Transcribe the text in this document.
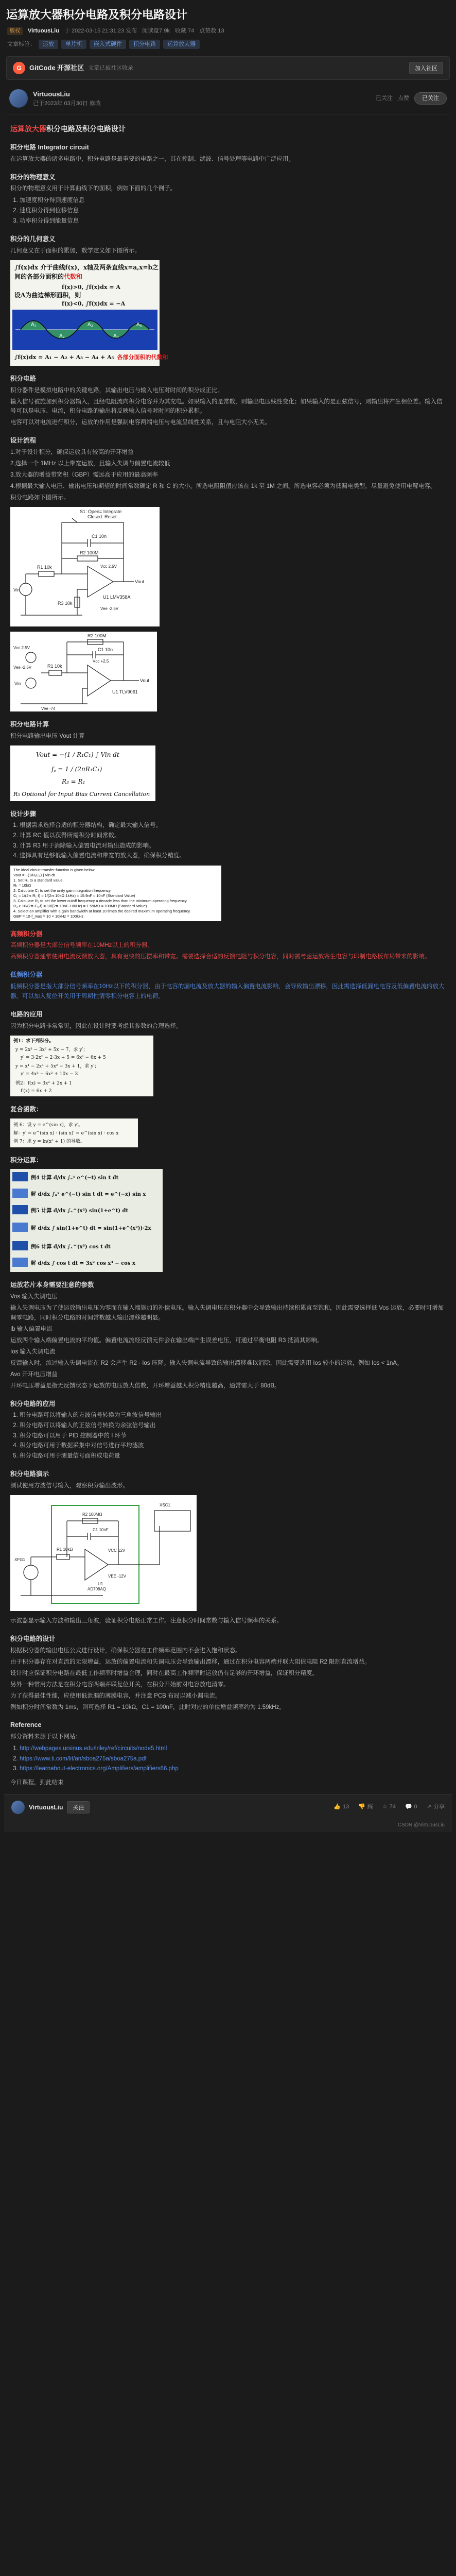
运算放大器积分电路及积分电路设计
版权	VirtuousLiu 于 2022-03-15 21:31:23 发布 阅读量7.9k 收藏 74 点赞数 13
文章标签：	运放	单片机	嵌入式硬件	积分电路	运算放大器
G	GitCode 开源社区 文章已被社区收录	加入社区
VirtuousLiu
已于2023年 03月30日 修改
已关注 点赞	已关注
运算放大器积分电路及积分电路设计
积分电路 Integrator circuit

在运算放大器的诸多电路中，积分电路是最重要的电路之一，其在控制、滤波、信号处理等电路中广泛应用。

积分的物理意义

积分的物理意义用于计算曲线下的面积，例如下面的几个例子。

1. 加速度积分得到速度信息
2. 速度积分得到位移信息
3. 功率积分得到能量信息
积分的几何意义

几何意义在于面积的累加，数学定义如下图所示。

∫f(x)dx 介于曲线f(x)，x轴及两条直线x=a,x=b之
间的各部分面积的代数和
f(x)>0, ∫f(x)dx = A
设A为曲边梯形面积，则
f(x)<0, ∫f(x)dx = −A
A₁
A₂
A₃
A₄
A₅
∫f(x)dx = A₁ − A₂ + A₃ − A₄ + A₅ 各部分面积的代数和
积分电路

积分器件是模拟电路中的关键电路，其输出电压与输入电压对时间的积分成正比。

输入信号被施加到积分器输入，且经电阻流向积分电容并为其充电。如果输入的是常数，则输出电压线性变化；如果输入的是正弦信号，则输出将产生相位差。输入信号可以是电压、电流，积分电路的输出将反映输入信号对时间的积分累积。

电容可以对电流进行积分，运放的作用是强制电容两端电压与电流呈线性关系，且与电阻大小无关。

设计流程

1.对于设计积分，确保运放具有较高的开环增益

2.选择一个 1MHz 以上带宽运放，且输入失调与偏置电流较低

3.放大器的增益带宽积（GBP）需远高于应用的最高频率

4.根据最大输入电压、输出电压和期望的时间常数确定 R 和 C 的大小。所选电阻阻值应该在 1k 至 1M 之间。所选电容必须为低漏电类型，尽量避免使用电解电容。

积分电路如下图所示。

S1: Open= Integrate
Closed: Reset
C1 10n
R2 100M
R1 10k
R3 10k
Vin
Vout
U1 LMV358A
Vcc 2.5V
Vee -2.5V
R2 100M
C1 10n
R1 10k
U1 TLV9061
Vee -2.5V
Vin
Vcc 2.5V
Vout
Vee -74
Vcc +2.5
积分电路计算

积分电路输出电压 Vout 计算

Vout = −(1 / R₁C₁) ∫ Vin dt
f꜀ = 1 / (2πR₁C₁)
R₃ = R₁
R₃ Optional for Input Bias Current Cancellation
设计步骤
1. 根据需求选择合适的积分器结构，确定最大输入信号。
2. 计算 RC 值以获得所需积分时间常数。
3. 计算 R3 用于消除输入偏置电流对输出造成的影响。
4. 选择具有足够低输入偏置电流和带宽的放大器，确保积分精度。
The ideal circuit transfer function is given below.
Vout = −(1/R₁C₁) ∫ Vin dt
1. Set R₁ to a standard value.
R₁ = 10kΩ
2. Calculate C₁ to set the unity gain integration frequency.
C₁ = 1/(2π·R₁·f) = 1/(2π·10kΩ·1kHz) = 15.9nF ≈ 10nF (Standard Value)
3. Calculate R₂ to set the lower cutoff frequency a decade less than the minimum operating frequency.
R₂ ≥ 10/(2π·C₁·f) = 10/(2π·10nF·100Hz) = 1.59MΩ ≈ 100MΩ (Standard Value)
4. Select an amplifier with a gain bandwidth at least 10 times the desired maximum operating frequency.
GBP = 10·f_max = 10 × 10kHz = 100kHz
高频积分器

高频积分器是大部分信号频率在10MHz以上的积分器。

高频积分器通常使用电流反馈放大器，具有更快的压摆率和带宽。需要选择合适的反馈电阻与积分电容，同时需考虑运放寄生电容与印制电路板布局带来的影响。

低频积分器

低频积分器是指大部分信号频率在10Hz以下的积分器，由于电容的漏电流及放大器的输入偏置电流影响，会导致输出漂移，因此需选择低漏电电容及低偏置电流的放大器。可以加入复位开关用于周期性清零积分电容上的电荷。

电路的应用

因为积分电路非常常见，因此在设计时要考虑其参数的合理选择。

例1：求下列积分。
y = 2x³ − 3x² + 5x − 7，求 y′；
y′ = 3·2x² − 2·3x + 5 = 6x² − 6x + 5
y = x⁴ − 2x³ + 5x² − 3x + 1，求 y′；
y′ = 4x³ − 6x² + 10x − 3
例2：f(x) = 3x² + 2x + 1
f′(x) = 6x + 2
复合函数：
例 6：设 y = e^(sin x)，求 y′。
解：y′ = e^(sin x) · (sin x)′ = e^(sin x) · cos x
例 7：求 y = ln(x² + 1) 的导数。
积分运算：
例4 计算 d/dx ∫ₐˣ e^(−t) sin t dt
解 d/dx ∫ₐˣ e^(−t) sin t dt = e^(−x) sin x
例5 计算 d/dx ∫ₐ^(x²) sin(1+e^t) dt
解 d/dx ∫ sin(1+e^t) dt = sin(1+e^(x²))·2x
例6 计算 d/dx ∫ₓ^(x³) cos t dt
解 d/dx ∫ cos t dt = 3x² cos x³ − cos x
运放芯片本身需要注意的参数

Vos 输入失调电压

输入失调电压为了使运放输出电压为零而在输入端施加的补偿电压。输入失调电压在积分器中会导致输出持续积累直至饱和，因此需要选择低 Vos 运放，必要时可增加调零电路，同时积分电路的时间常数越大输出漂移越明显。

Ib 输入偏置电流

运放两个输入端偏置电流的平均值。偏置电流流经反馈元件会在输出端产生误差电压，可通过平衡电阻 R3 抵消其影响。

Ios 输入失调电流

反馈输入时，流过输入失调电流在 R2 会产生 R2 · Ios 压降。输入失调电流导致的输出漂移难以消除，因此需要选用 Ios 较小的运放，例如 Ios < 1nA。

Avo 开环电压增益

开环电压增益是指无反馈状态下运放的电压放大倍数，开环增益越大积分精度越高，通常需大于 80dB。

积分电路的应用
1. 积分电路可以将输入的方波信号转换为三角波信号输出
2. 积分电路可以将输入的正弦信号转换为余弦信号输出
3. 积分电路可以用于 PID 控制器中的 I 环节
4. 积分电路可用于数据采集中对信号进行平均滤波
5. 积分电路可用于测量信号面积或电荷量
积分电路演示

测试使用方波信号输入，观察积分输出波形。

XSC1
R1 10kΩ
C1 10nF
R2 100MΩ
U1
AD708AQ
XFG1
VCC 12V
VEE -12V

示波器显示输入方波和输出三角波，验证积分电路正常工作。注意积分时间常数与输入信号频率的关系。

积分电路的设计

根据积分器的输出电压公式进行设计，确保积分器在工作频率范围内不会进入饱和状态。

由于积分器存在对直流的无限增益，运放的偏置电流和失调电压会导致输出漂移，通过在积分电容两端并联大阻值电阻 R2 限制直流增益。

设计时应保证积分电路在最低工作频率时增益合理，同时在最高工作频率时运放仍有足够的开环增益，保证积分精度。

另外一种常用方法是在积分电容两端并联复位开关，在积分开始前对电容放电清零。

为了获得最佳性能，应使用低泄漏的薄膜电容，并注意 PCB 布局以减小漏电流。

例如积分时间常数为 1ms，则可选择 R1 = 10kΩ，C1 = 100nF，此时对应的单位增益频率约为 1.59kHz。

Reference

部分资料来源于以下网站：

1. http://webpages.ursinus.edu/lriley/ref/circuits/node5.html
2. https://www.ti.com/lit/an/sboa275a/sboa275a.pdf
3. https://learnabout-electronics.org/Amplifiers/amplifiers66.php
今日课程，到此结束
VirtuousLiu	关注	👍 13 👎 踩 ☆ 74 💬 0 ↗ 分享
CSDN @VirtuousLiu
